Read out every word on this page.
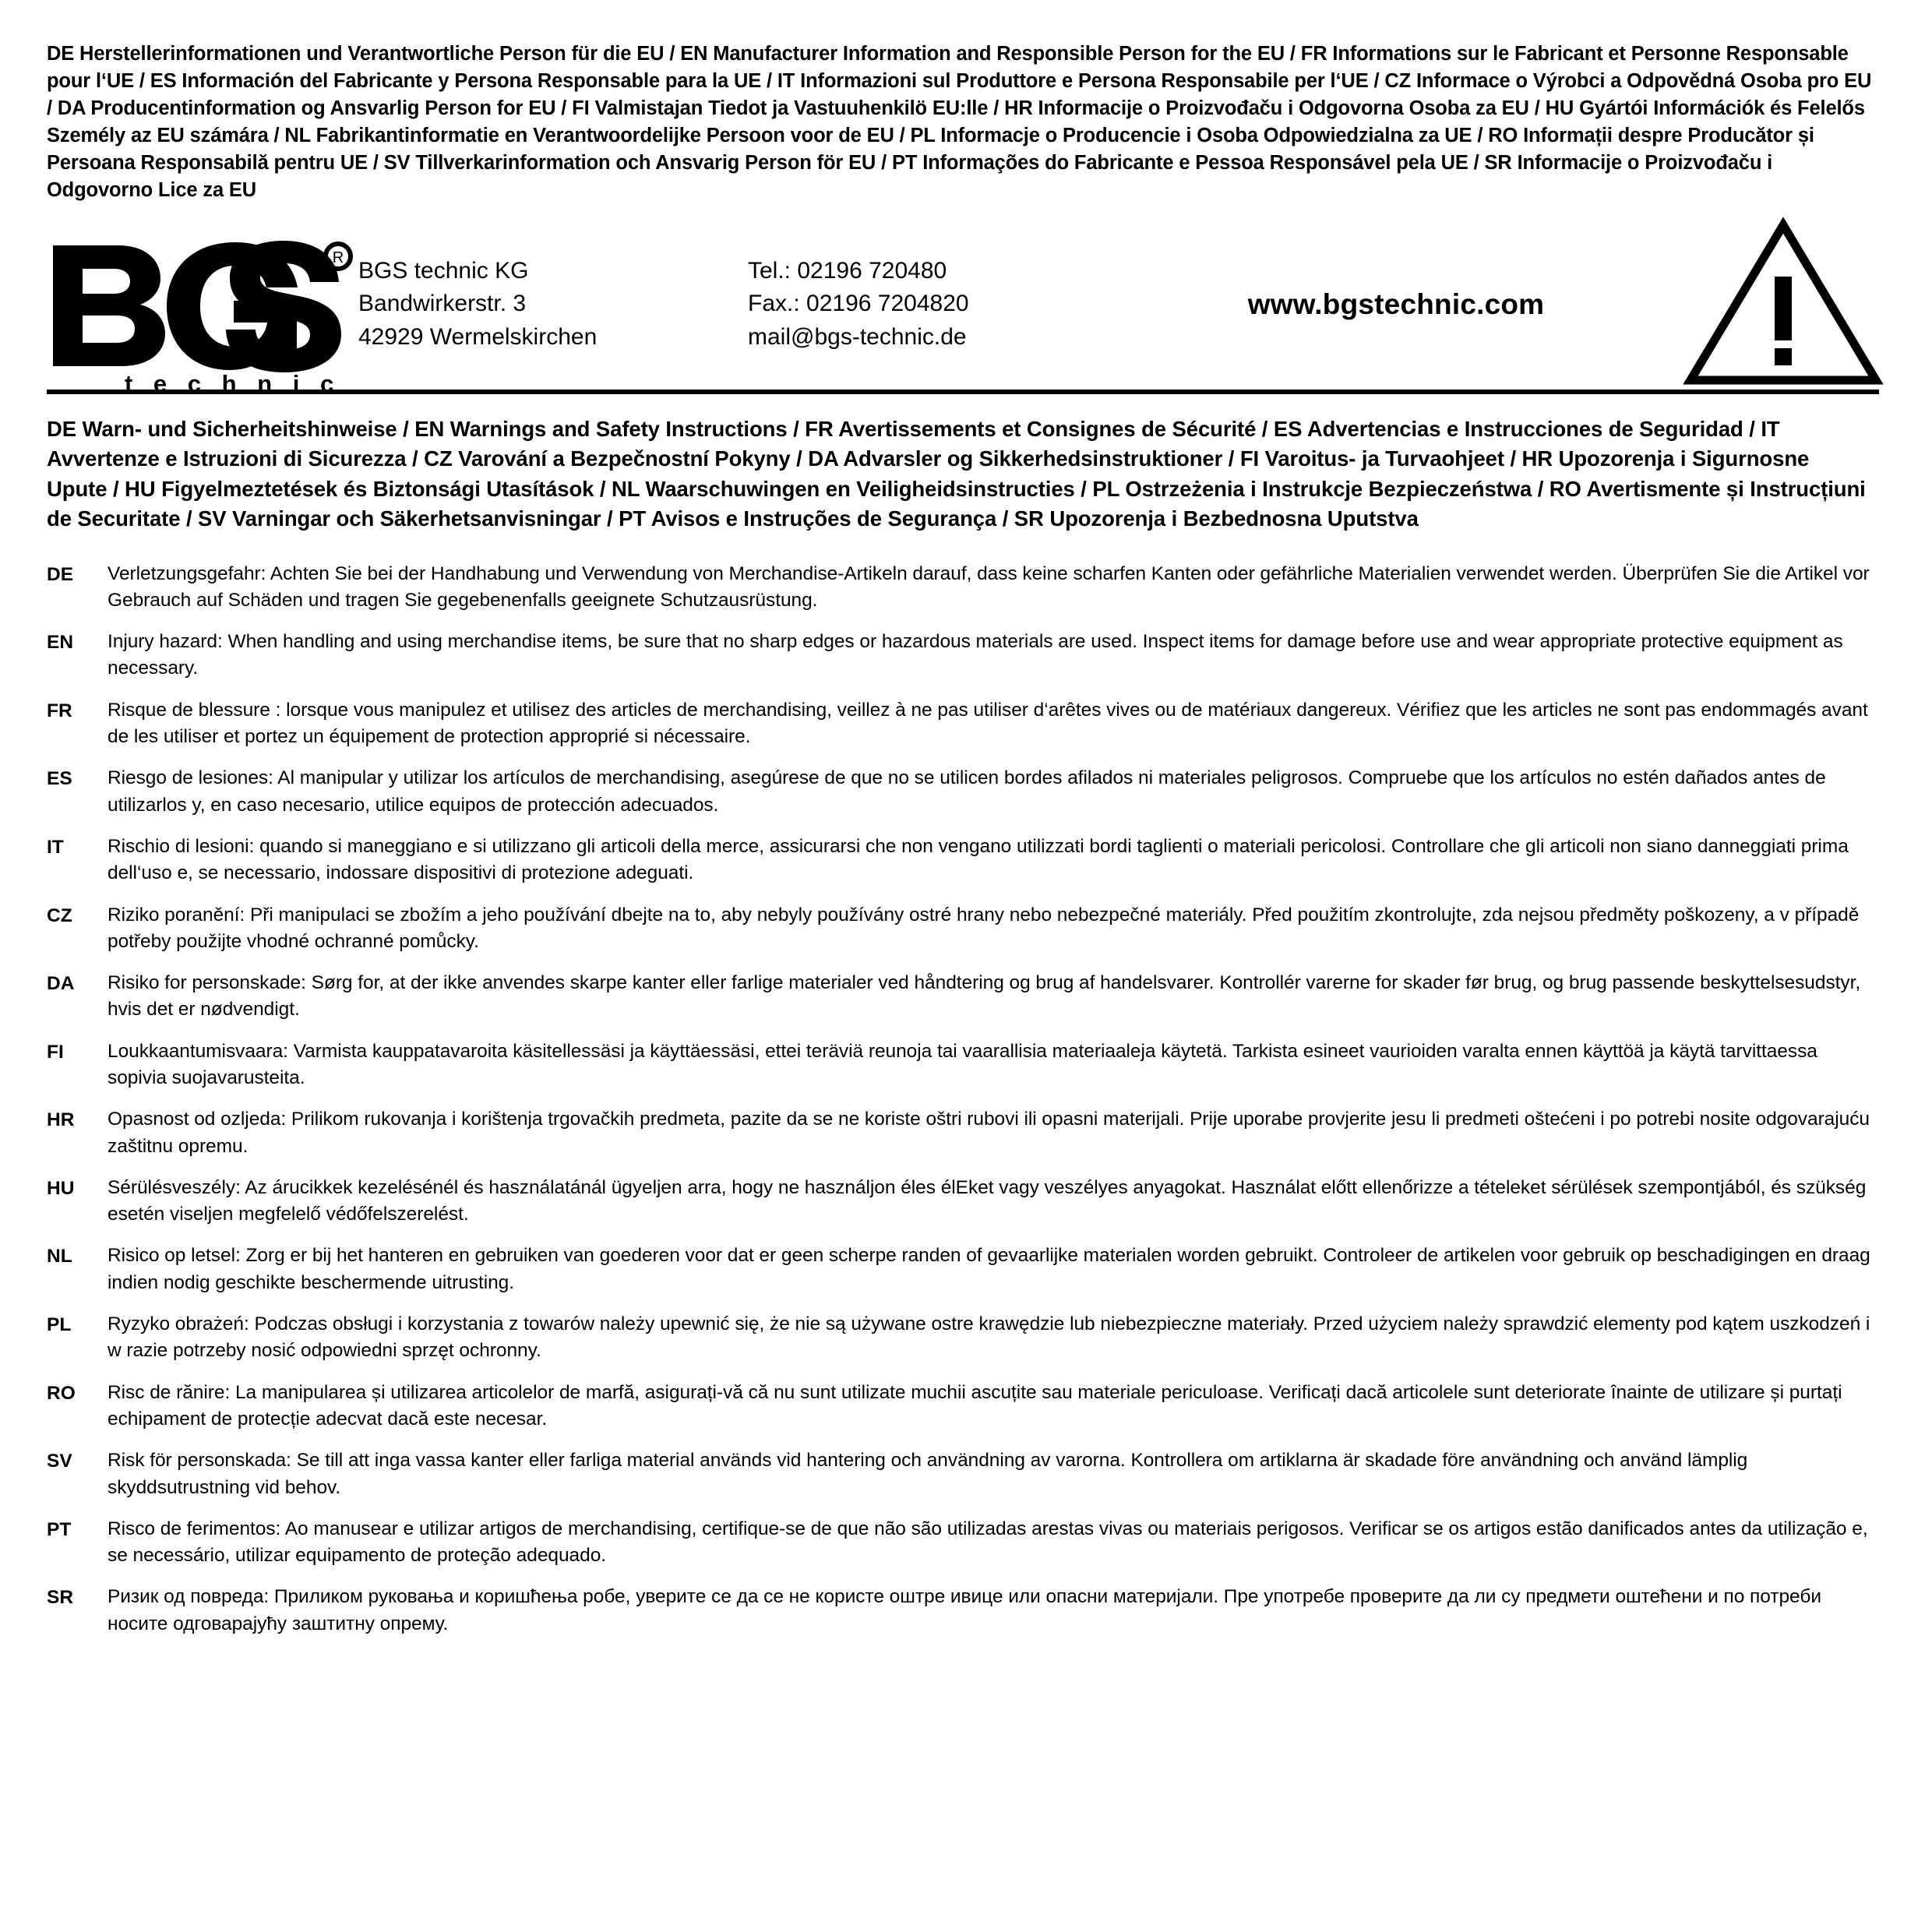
DE Herstellerinformationen und Verantwortliche Person für die EU / EN Manufacturer Information and Responsible Person for the EU / FR Informations sur le Fabricant et Personne Responsable pour l‘UE / ES Información del Fabricante y Persona Responsable para la UE / IT Informazioni sul Produttore e Persona Responsabile per l‘UE / CZ Informace o Výrobci a Odpovědná Osoba pro EU / DA Producentinformation og Ansvarlig Person for EU / FI Valmistajan Tiedot ja Vastuuhenkilö EU:lle / HR Informacije o Proizvođaču i Odgovorna Osoba za EU / HU Gyártói Információk és Felelős Személy az EU számára / NL Fabrikantinformatie en Verantwoordelijke Persoon voor de EU / PL Informacje o Producencie i Osoba Odpowiedzialna za UE / RO Informații despre Producător și Persoana Responsabilă pentru UE / SV Tillverkarinformation och Ansvarig Person för EU / PT Informações do Fabricante e Pessoa Responsável pela UE / SR Informacije o Proizvođaču i Odgovorno Lice za EU
R
t e c h n i c
BGS technic KG
Bandwirkerstr. 3
42929 Wermelskirchen
Tel.: 02196 720480
Fax.: 02196 7204820
mail@bgs-technic.de
www.bgstechnic.com
DE Warn- und Sicherheitshinweise / EN Warnings and Safety Instructions / FR Avertissements et Consignes de Sécurité / ES Advertencias e Instrucciones de Seguridad / IT Avvertenze e Istruzioni di Sicurezza / CZ Varování a Bezpečnostní Pokyny / DA Advarsler og Sikkerhedsinstruktioner / FI Varoitus- ja Turvaohjeet / HR Upozorenja i Sigurnosne Upute / HU Figyelmeztetések és Biztonsági Utasítások / NL Waarschuwingen en Veiligheidsinstructies / PL Ostrzeżenia i Instrukcje Bezpieczeństwa / RO Avertismente și Instrucțiuni de Securitate / SV Varningar och Säkerhetsanvisningar / PT Avisos e Instruções de Segurança / SR Upozorenja i Bezbednosna Uputstva
DE	Verletzungsgefahr: Achten Sie bei der Handhabung und Verwendung von Merchandise-Artikeln darauf, dass keine scharfen Kanten oder gefährliche Materialien verwendet werden. Überprüfen Sie die Artikel vor Gebrauch auf Schäden und tragen Sie gegebenenfalls geeignete Schutzausrüstung.
EN	Injury hazard: When handling and using merchandise items, be sure that no sharp edges or hazardous materials are used. Inspect items for damage before use and wear appropriate protective equipment as necessary.
FR	Risque de blessure : lorsque vous manipulez et utilisez des articles de merchandising, veillez à ne pas utiliser d‘arêtes vives ou de matériaux dangereux. Vérifiez que les articles ne sont pas endommagés avant de les utiliser et portez un équipement de protection approprié si nécessaire.
ES	Riesgo de lesiones: Al manipular y utilizar los artículos de merchandising, asegúrese de que no se utilicen bordes afilados ni materiales peligrosos. Compruebe que los artículos no estén dañados antes de utilizarlos y, en caso necesario, utilice equipos de protección adecuados.
IT	Rischio di lesioni: quando si maneggiano e si utilizzano gli articoli della merce, assicurarsi che non vengano utilizzati bordi taglienti o materiali pericolosi. Controllare che gli articoli non siano danneggiati prima dell‘uso e, se necessario, indossare dispositivi di protezione adeguati.
CZ	Riziko poranění: Při manipulaci se zbožím a jeho používání dbejte na to, aby nebyly používány ostré hrany nebo nebezpečné materiály. Před použitím zkontrolujte, zda nejsou předměty poškozeny, a v případě potřeby použijte vhodné ochranné pomůcky.
DA	Risiko for personskade: Sørg for, at der ikke anvendes skarpe kanter eller farlige materialer ved håndtering og brug af handelsvarer. Kontrollér varerne for skader før brug, og brug passende beskyttelsesudstyr, hvis det er nødvendigt.
FI	Loukkaantumisvaara: Varmista kauppatavaroita käsitellessäsi ja käyttäessäsi, ettei teräviä reunoja tai vaarallisia materiaaleja käytetä. Tarkista esineet vaurioiden varalta ennen käyttöä ja käytä tarvittaessa sopivia suojavarusteita.
HR	Opasnost od ozljeda: Prilikom rukovanja i korištenja trgovačkih predmeta, pazite da se ne koriste oštri rubovi ili opasni materijali. Prije uporabe provjerite jesu li predmeti oštećeni i po potrebi nosite odgovarajuću zaštitnu opremu.
HU	Sérülésveszély: Az árucikkek kezelésénél és használatánál ügyeljen arra, hogy ne használjon éles élEket vagy veszélyes anyagokat. Használat előtt ellenőrizze a tételeket sérülések szempontjából, és szükség esetén viseljen megfelelő védőfelszerelést.
NL	Risico op letsel: Zorg er bij het hanteren en gebruiken van goederen voor dat er geen scherpe randen of gevaarlijke materialen worden gebruikt. Controleer de artikelen voor gebruik op beschadigingen en draag indien nodig geschikte beschermende uitrusting.
PL	Ryzyko obrażeń: Podczas obsługi i korzystania z towarów należy upewnić się, że nie są używane ostre krawędzie lub niebezpieczne materiały. Przed użyciem należy sprawdzić elementy pod kątem uszkodzeń i w razie potrzeby nosić odpowiedni sprzęt ochronny.
RO	Risc de rănire: La manipularea și utilizarea articolelor de marfă, asigurați-vă că nu sunt utilizate muchii ascuțite sau materiale periculoase. Verificați dacă articolele sunt deteriorate înainte de utilizare și purtați echipament de protecție adecvat dacă este necesar.
SV	Risk för personskada: Se till att inga vassa kanter eller farliga material används vid hantering och användning av varorna. Kontrollera om artiklarna är skadade före användning och använd lämplig skyddsutrustning vid behov.
PT	Risco de ferimentos: Ao manusear e utilizar artigos de merchandising, certifique-se de que não são utilizadas arestas vivas ou materiais perigosos. Verificar se os artigos estão danificados antes da utilização e, se necessário, utilizar equipamento de proteção adequado.
SR	Ризик од повреда: Приликом руковања и коришћења робе, уверите се да се не користе оштре ивице или опасни материјали. Пре употребе проверите да ли су предмети оштећени и по потреби носите одговарајућу заштитну опрему.
